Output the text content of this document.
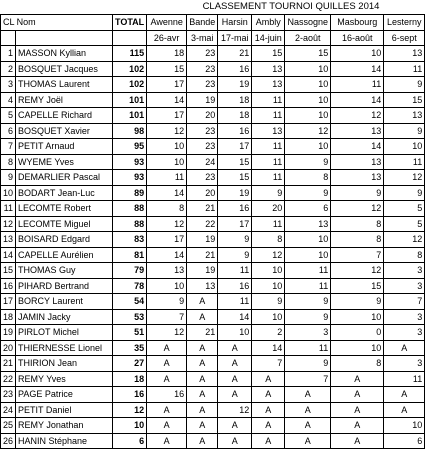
CLASSEMENT TOURNOI QUILLES 2014
CL Nom		TOTAL	Awenne	Bande	Harsin	Ambly	Nassogne	Masbourg	Lesterny
			26-avr	3-mai	17-mai	14-juin	2-août	16-août	6-sept
1	MASSON Kyllian	115	18	23	21	15	15	10	13
2	BOSQUET Jacques	102	15	23	16	13	10	14	11
3	THOMAS Laurent	102	17	23	19	13	10	11	9
4	REMY Joël	101	14	19	18	11	10	14	15
5	CAPELLE Richard	101	17	20	18	11	10	12	13
6	BOSQUET Xavier	98	12	23	16	13	12	13	9
7	PETIT Arnaud	95	10	23	17	11	10	14	10
8	WYEME Yves	93	10	24	15	11	9	13	11
9	DEMARLIER Pascal	93	11	23	15	11	8	13	12
10	BODART Jean-Luc	89	14	20	19	9	9	9	9
11	LECOMTE Robert	88	8	21	16	20	6	12	5
12	LECOMTE Miguel	88	12	22	17	11	13	8	5
13	BOISARD Edgard	83	17	19	9	8	10	8	12
14	CAPELLE Aurélien	81	14	21	9	12	10	7	8
15	THOMAS Guy	79	13	19	11	10	11	12	3
16	PIHARD Bertrand	78	10	13	16	10	11	15	3
17	BORCY Laurent	54	9	A	11	9	9	9	7
18	JAMIN Jacky	53	7	A	14	10	9	10	3
19	PIRLOT Michel	51	12	21	10	2	3	0	3
20	THIERNESSE Lionel	35	A	A	A	14	11	10	A
21	THIRION Jean	27	A	A	A	7	9	8	3
22	REMY Yves	18	A	A	A	A	7	A	11
23	PAGE Patrice	16	16	A	A	A	A	A	A
24	PETIT Daniel	12	A	A	12	A	A	A	A
25	REMY Jonathan	10	A	A	A	A	A	A	10
26	HANIN Stéphane	6	A	A	A	A	A	A	6
